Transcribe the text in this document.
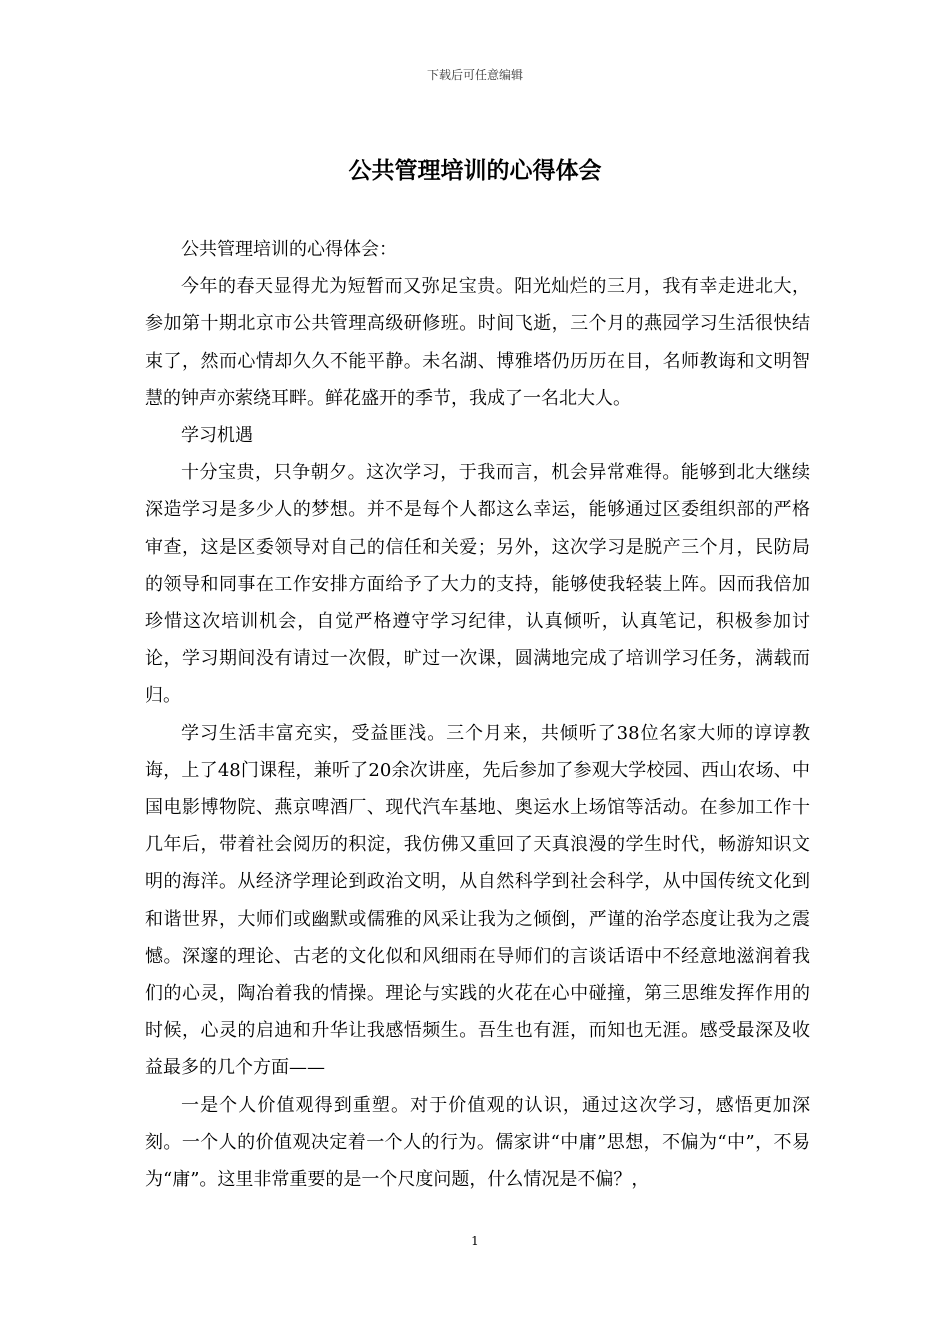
下载后可任意编辑
公共管理培训的心得体会

公共管理培训的心得体会：

今年的春天显得尤为短暂而又弥足宝贵。阳光灿烂的三月，我有幸走进北大，参加第十期北京市公共管理高级研修班。时间飞逝，三个月的燕园学习生活很快结束了，然而心情却久久不能平静。未名湖、博雅塔仍历历在目，名师教诲和文明智慧的钟声亦萦绕耳畔。鲜花盛开的季节，我成了一名北大人。

学习机遇

十分宝贵，只争朝夕。这次学习，于我而言，机会异常难得。能够到北大继续深造学习是多少人的梦想。并不是每个人都这么幸运，能够通过区委组织部的严格审查，这是区委领导对自己的信任和关爱；另外，这次学习是脱产三个月，民防局的领导和同事在工作安排方面给予了大力的支持，能够使我轻装上阵。因而我倍加珍惜这次培训机会，自觉严格遵守学习纪律，认真倾听，认真笔记，积极参加讨论，学习期间没有请过一次假，旷过一次课，圆满地完成了培训学习任务，满载而归。

学习生活丰富充实，受益匪浅。三个月来，共倾听了38位名家大师的谆谆教诲，上了48门课程，兼听了20余次讲座，先后参加了参观大学校园、西山农场、中国电影博物院、燕京啤酒厂、现代汽车基地、奥运水上场馆等活动。在参加工作十几年后，带着社会阅历的积淀，我仿佛又重回了天真浪漫的学生时代，畅游知识文明的海洋。从经济学理论到政治文明，从自然科学到社会科学，从中国传统文化到和谐世界，大师们或幽默或儒雅的风采让我为之倾倒，严谨的治学态度让我为之震憾。深邃的理论、古老的文化似和风细雨在导师们的言谈话语中不经意地滋润着我们的心灵，陶冶着我的情操。理论与实践的火花在心中碰撞，第三思维发挥作用的时候，心灵的启迪和升华让我感悟频生。吾生也有涯，而知也无涯。感受最深及收益最多的几个方面——

一是个人价值观得到重塑。对于价值观的认识，通过这次学习，感悟更加深刻。一个人的价值观决定着一个人的行为。儒家讲“中庸”思想，不偏为“中”，不易为“庸”。这里非常重要的是一个尺度问题，什么情况是不偏？，

1
